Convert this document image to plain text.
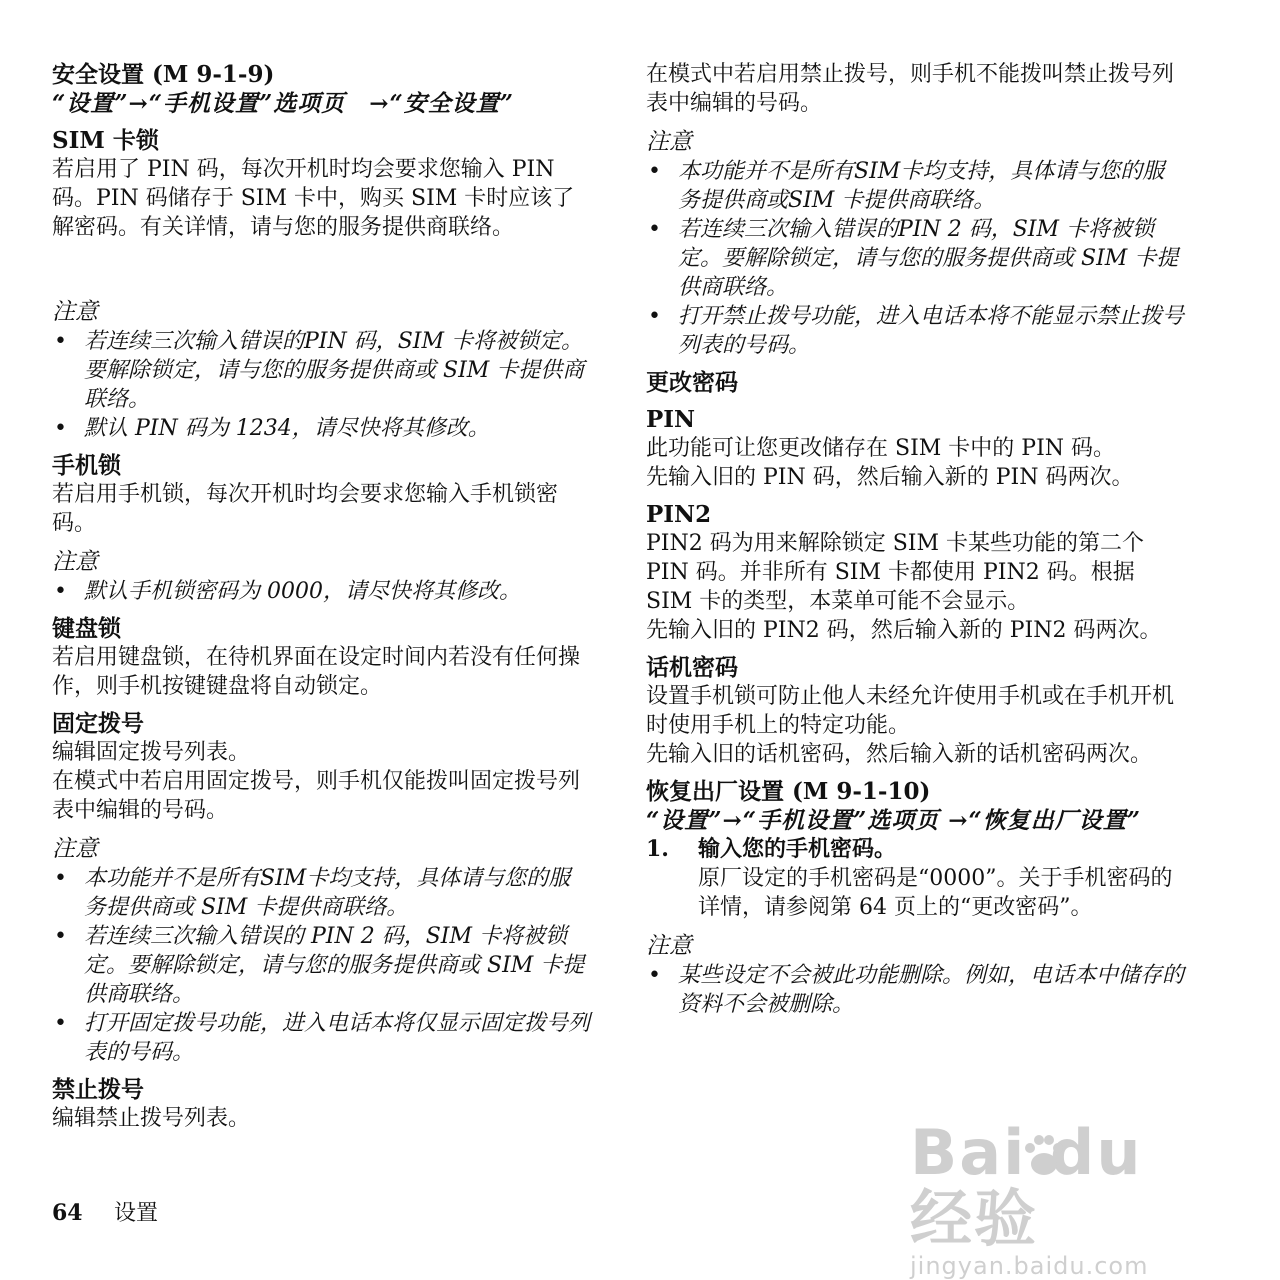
安全设置 (M 9-1-9)
“设置”→“手机设置”选项页　→“安全设置”
SIM 卡锁

若启用了 PIN 码，每次开机时均会要求您输入 PIN 码。PIN 码储存于 SIM 卡中，购买 SIM 卡时应该了解密码。有关详情，请与您的服务提供商联络。

注意
• 若连续三次输入错误的PIN 码，SIM 卡将被锁定。要解除锁定，请与您的服务提供商或 SIM 卡提供商联络。
• 默认 PIN 码为 1234，请尽快将其修改。
手机锁

若启用手机锁，每次开机时均会要求您输入手机锁密码。

注意
• 默认手机锁密码为 0000，请尽快将其修改。
键盘锁

若启用键盘锁，在待机界面在设定时间内若没有任何操作，则手机按键键盘将自动锁定。

固定拨号

编辑固定拨号列表。

在模式中若启用固定拨号，则手机仅能拨叫固定拨号列表中编辑的号码。

注意
• 本功能并不是所有SIM卡均支持，具体请与您的服务提供商或 SIM 卡提供商联络。
• 若连续三次输入错误的 PIN 2 码，SIM 卡将被锁定。要解除锁定，请与您的服务提供商或 SIM 卡提供商联络。
• 打开固定拨号功能，进入电话本将仅显示固定拨号列表的号码。
禁止拨号

编辑禁止拨号列表。

在模式中若启用禁止拨号，则手机不能拨叫禁止拨号列表中编辑的号码。

注意
• 本功能并不是所有SIM卡均支持，具体请与您的服务提供商或SIM 卡提供商联络。
• 若连续三次输入错误的PIN 2 码，SIM 卡将被锁定。要解除锁定，请与您的服务提供商或 SIM 卡提供商联络。
• 打开禁止拨号功能，进入电话本将不能显示禁止拨号列表的号码。
更改密码
PIN

此功能可让您更改储存在 SIM 卡中的 PIN 码。

先输入旧的 PIN 码，然后输入新的 PIN 码两次。

PIN2

PIN2 码为用来解除锁定 SIM 卡某些功能的第二个 PIN 码。并非所有 SIM 卡都使用 PIN2 码。根据 SIM 卡的类型，本菜单可能不会显示。

先输入旧的 PIN2 码，然后输入新的 PIN2 码两次。

话机密码

设置手机锁可防止他人未经允许使用手机或在手机开机时使用手机上的特定功能。

先输入旧的话机密码，然后输入新的话机密码两次。

恢复出厂设置 (M 9-1-10)
“设置”→“手机设置”选项页 →“恢复出厂设置”
1. 输入您的手机密码。
原厂设定的手机密码是“0000”。关于手机密码的详情，请参阅第 64 页上的“更改密码”。
注意
• 某些设定不会被此功能删除。例如，电话本中储存的资料不会被删除。
64 设置
Bai du 经验
jingyan.baidu.com
